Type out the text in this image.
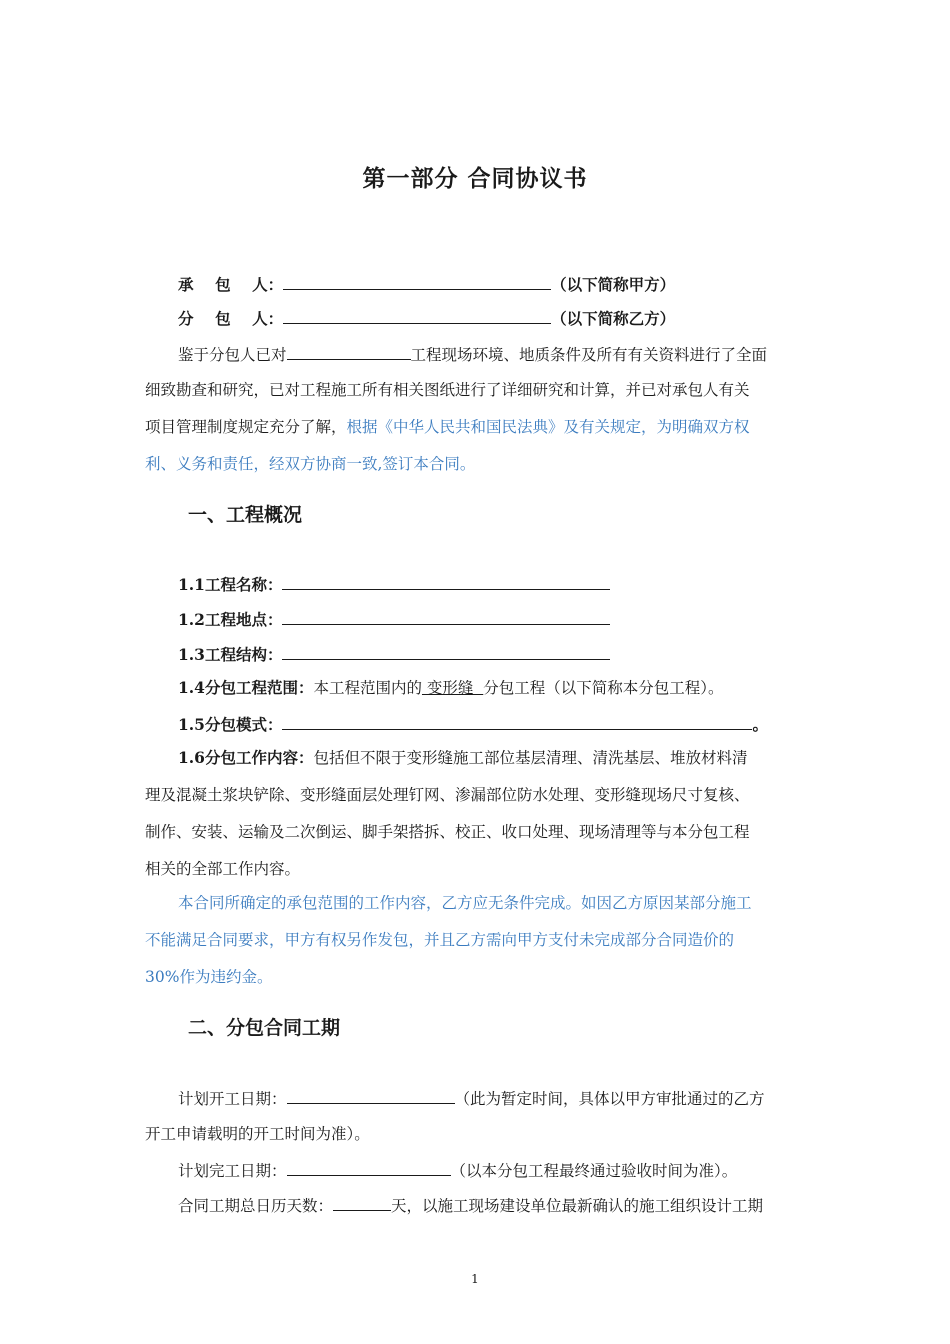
第一部分 合同协议书
承    包    人：	（以下简称甲方）
分    包    人：	（以下简称乙方）
鉴于分包人已对	工程现场环境、地质条件及所有有关资料进行了全面
细致勘查和研究，已对工程施工所有相关图纸进行了详细研究和计算，并已对承包人有关
项目管理制度规定充分了解，根据《中华人民共和国民法典》及有关规定，为明确双方权
利、义务和责任，经双方协商一致,签订本合同。
一、工程概况
1.1工程名称：
1.2工程地点：
1.3工程结构：
1.4分包工程范围：本工程范围内的 变形缝  分包工程（以下简称本分包工程）。
1.5分包模式：	。
1.6分包工作内容：包括但不限于变形缝施工部位基层清理、清洗基层、堆放材料清
理及混凝土浆块铲除、变形缝面层处理钉网、渗漏部位防水处理、变形缝现场尺寸复核、
制作、安装、运输及二次倒运、脚手架搭拆、校正、收口处理、现场清理等与本分包工程
相关的全部工作内容。
本合同所确定的承包范围的工作内容，乙方应无条件完成。如因乙方原因某部分施工
不能满足合同要求，甲方有权另作发包，并且乙方需向甲方支付未完成部分合同造价的
30%作为违约金。
二、分包合同工期
计划开工日期：	（此为暂定时间，具体以甲方审批通过的乙方
开工申请载明的开工时间为准）。
计划完工日期：	（以本分包工程最终通过验收时间为准）。
合同工期总日历天数：	天，以施工现场建设单位最新确认的施工组织设计工期
1
